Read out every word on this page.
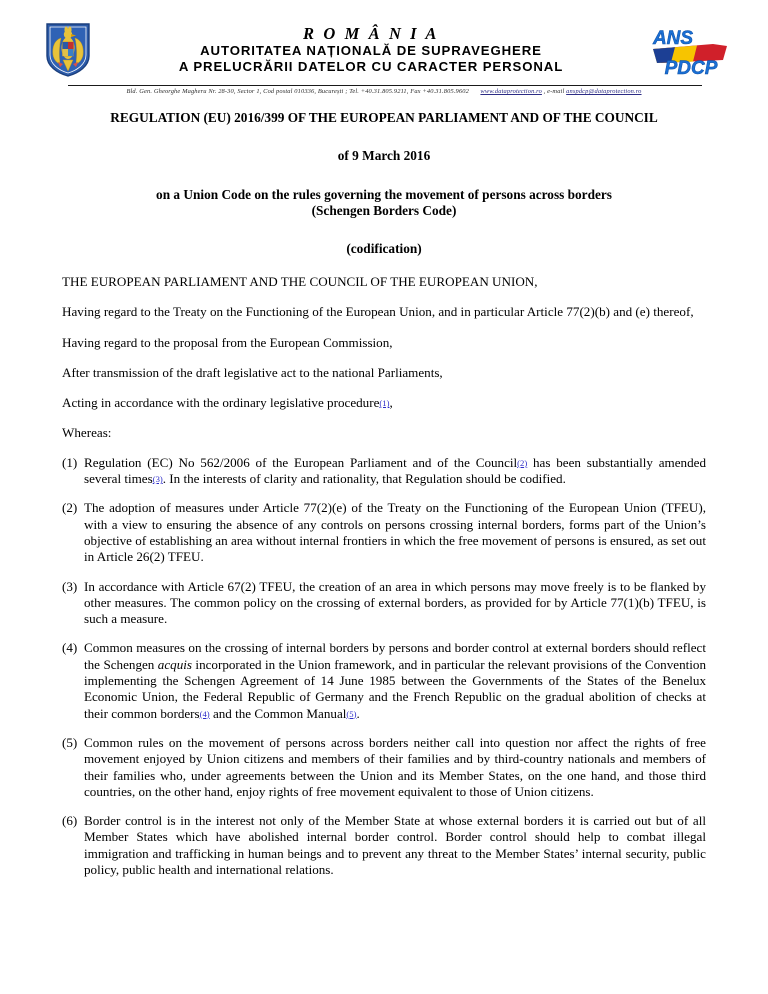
R O M Â N I A
AUTORITATEA NAȚIONALĂ DE SUPRAVEGHERE
A PRELUCRĂRII DATELOR CU CARACTER PERSONAL
ANS
PDCP
Bld. Gen. Gheorghe Magheru Nr. 28-30, Sector 1, Cod postal 010336, București ; Tel. +40.31.805.9211, Fax +40.31.805.9602 www.dataprotection.ro , e-mail anspdcp@dataprotection.ro
REGULATION (EU) 2016/399 OF THE EUROPEAN PARLIAMENT AND OF THE COUNCIL
of 9 March 2016
on a Union Code on the rules governing the movement of persons across borders
(Schengen Borders Code)
(codification)

THE EUROPEAN PARLIAMENT AND THE COUNCIL OF THE EUROPEAN UNION,

Having regard to the Treaty on the Functioning of the European Union, and in particular Article 77(2)(b) and (e) thereof,

Having regard to the proposal from the European Commission,

After transmission of the draft legislative act to the national Parliaments,

Acting in accordance with the ordinary legislative procedure(1),

Whereas:

(1) Regulation (EC) No 562/2006 of the European Parliament and of the Council(2) has been substantially amended several times(3). In the interests of clarity and rationality, that Regulation should be codified.

(2) The adoption of measures under Article 77(2)(e) of the Treaty on the Functioning of the European Union (TFEU), with a view to ensuring the absence of any controls on persons crossing internal borders, forms part of the Union’s objective of establishing an area without internal frontiers in which the free movement of persons is ensured, as set out in Article 26(2) TFEU.

(3) In accordance with Article 67(2) TFEU, the creation of an area in which persons may move freely is to be flanked by other measures. The common policy on the crossing of external borders, as provided for by Article 77(1)(b) TFEU, is such a measure.

(4) Common measures on the crossing of internal borders by persons and border control at external borders should reflect the Schengen acquis incorporated in the Union framework, and in particular the relevant provisions of the Convention implementing the Schengen Agreement of 14 June 1985 between the Governments of the States of the Benelux Economic Union, the Federal Republic of Germany and the French Republic on the gradual abolition of checks at their common borders(4) and the Common Manual(5).

(5) Common rules on the movement of persons across borders neither call into question nor affect the rights of free movement enjoyed by Union citizens and members of their families and by third-country nationals and members of their families who, under agreements between the Union and its Member States, on the one hand, and those third countries, on the other hand, enjoy rights of free movement equivalent to those of Union citizens.

(6) Border control is in the interest not only of the Member State at whose external borders it is carried out but of all Member States which have abolished internal border control. Border control should help to combat illegal immigration and trafficking in human beings and to prevent any threat to the Member States’ internal security, public policy, public health and international relations.
